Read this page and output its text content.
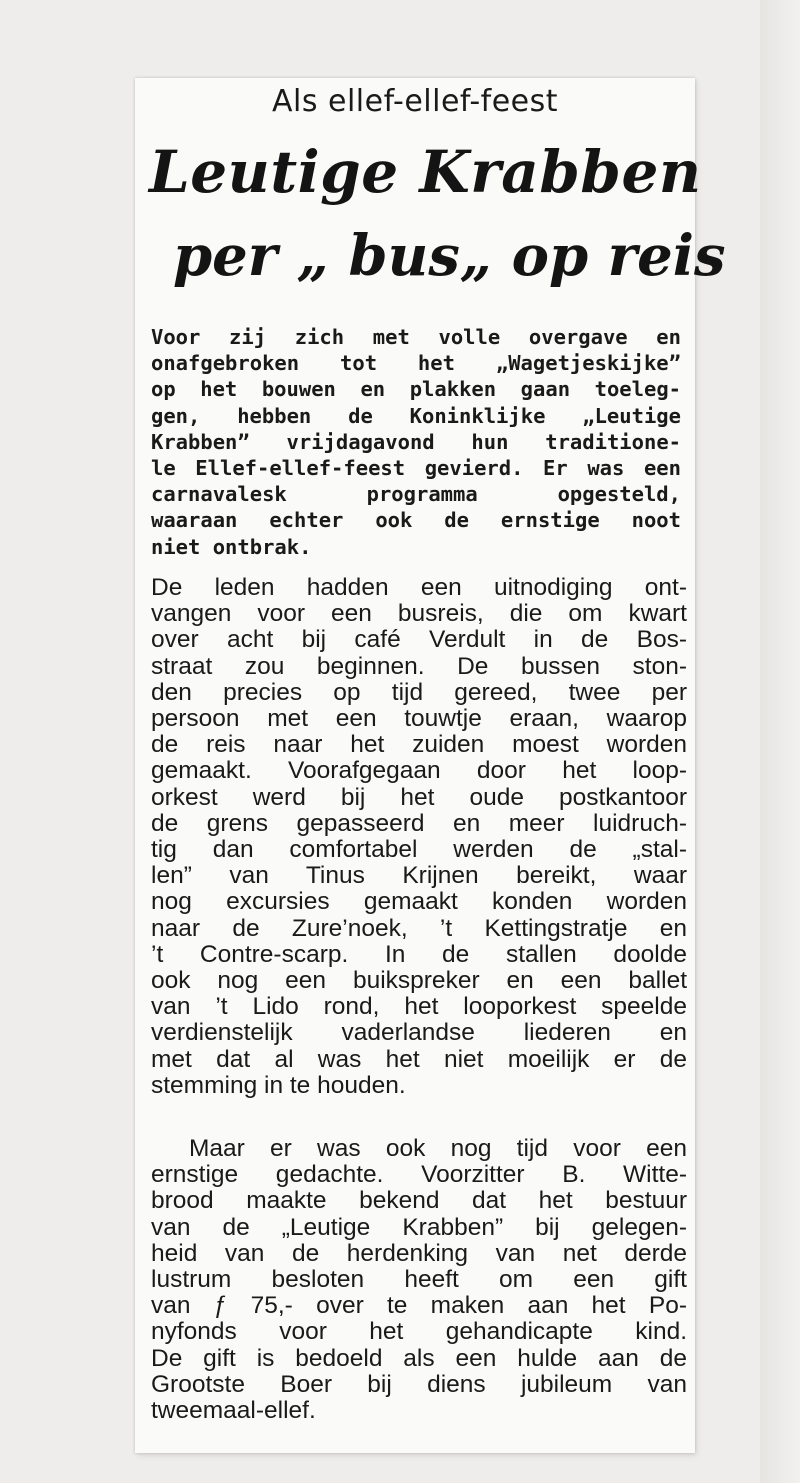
Als ellef-ellef-feest
Leutige Krabben
per „ bus„ op reis
Voor zij zich met volle overgave en
onafgebroken tot het „Wagetjeskijke”
op het bouwen en plakken gaan toeleg-
gen, hebben de Koninklijke „Leutige
Krabben” vrijdagavond hun traditione-
le Ellef-ellef-feest gevierd. Er was een
carnavalesk programma opgesteld,
waaraan echter ook de ernstige noot
niet ontbrak.
De leden hadden een uitnodiging ont-
vangen voor een busreis, die om kwart
over acht bij café Verdult in de Bos-
straat zou beginnen. De bussen ston-
den precies op tijd gereed, twee per
persoon met een touwtje eraan, waarop
de reis naar het zuiden moest worden
gemaakt. Voorafgegaan door het loop-
orkest werd bij het oude postkantoor
de grens gepasseerd en meer luidruch-
tig dan comfortabel werden de „stal-
len” van Tinus Krijnen bereikt, waar
nog excursies gemaakt konden worden
naar de Zure’noek, ’t Kettingstratje en
’t Contre-scarp. In de stallen doolde
ook nog een buikspreker en een ballet
van ’t Lido rond, het looporkest speelde
verdienstelijk vaderlandse liederen en
met dat al was het niet moeilijk er de
stemming in te houden.
Maar er was ook nog tijd voor een
ernstige gedachte. Voorzitter B. Witte-
brood maakte bekend dat het bestuur
van de „Leutige Krabben” bij gelegen-
heid van de herdenking van net derde
lustrum besloten heeft om een gift
van ƒ 75,- over te maken aan het Po-
nyfonds voor het gehandicapte kind.
De gift is bedoeld als een hulde aan de
Grootste Boer bij diens jubileum van
tweemaal-ellef.
